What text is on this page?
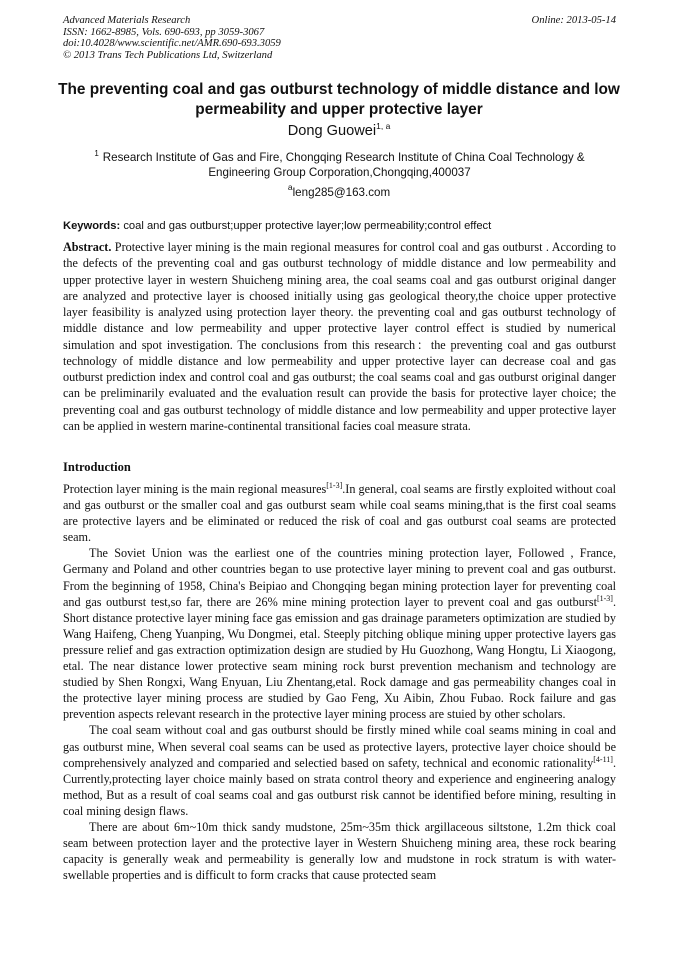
Advanced Materials Research
ISSN: 1662-8985, Vols. 690-693, pp 3059-3067
doi:10.4028/www.scientific.net/AMR.690-693.3059
© 2013 Trans Tech Publications Ltd, Switzerland
Online: 2013-05-14
The preventing coal and gas outburst technology of middle distance and low permeability and upper protective layer
Dong Guowei$^{1, a}$
$^1$ Research Institute of Gas and Fire, Chongqing Research Institute of China Coal Technology & Engineering Group Corporation,Chongqing,400037
$^a$leng285@163.com
Keywords: coal and gas outburst;upper protective layer;low permeability;control effect
Abstract. Protective layer mining is the main regional measures for control coal and gas outburst . According to the defects of the preventing coal and gas outburst technology of middle distance and low permeability and upper protective layer in western Shuicheng mining area, the coal seams coal and gas outburst original danger are analyzed and protective layer is choosed initially using gas geological theory,the choice upper protective layer feasibility is analyzed using protection layer theory. the preventing coal and gas outburst technology of middle distance and low permeability and upper protective layer control effect is studied by numerical simulation and spot investigation. The conclusions from this research：the preventing coal and gas outburst technology of middle distance and low permeability and upper protective layer can decrease coal and gas outburst prediction index and control coal and gas outburst; the coal seams coal and gas outburst original danger can be preliminarily evaluated and the evaluation result can provide the basis for protective layer choice; the preventing coal and gas outburst technology of middle distance and low permeability and upper protective layer can be applied in western marine-continental transitional facies coal measure strata.
Introduction

Protection layer mining is the main regional measures[1-3].In general, coal seams are firstly exploited without coal and gas outburst or the smaller coal and gas outburst seam while coal seams mining,that is the first coal seams are protective layers and be eliminated or reduced the risk of coal and gas outburst coal seams are protected seam.

The Soviet Union was the earliest one of the countries mining protection layer, Followed , France, Germany and Poland and other countries began to use protective layer mining to prevent coal and gas outburst. From the beginning of 1958, China's Beipiao and Chongqing began mining protection layer for preventing coal and gas outburst test,so far, there are 26% mine mining protection layer to prevent coal and gas outburst[1-3]. Short distance protective layer mining face gas emission and gas drainage parameters optimization are studied by Wang Haifeng, Cheng Yuanping, Wu Dongmei, etal. Steeply pitching oblique mining upper protective layers gas pressure relief and gas extraction optimization design are studied by Hu Guozhong, Wang Hongtu, Li Xiaogong, etal. The near distance lower protective seam mining rock burst prevention mechanism and technology are studied by Shen Rongxi, Wang Enyuan, Liu Zhentang,etal. Rock damage and gas permeability changes coal in the protective layer mining process are studied by Gao Feng, Xu Aibin, Zhou Fubao. Rock failure and gas prevention aspects relevant research in the protective layer mining process are stuied by other scholars.

The coal seam without coal and gas outburst should be firstly mined while coal seams mining in coal and gas outburst mine, When several coal seams can be used as protective layers, protective layer choice should be comprehensively analyzed and comparied and selectied based on safety, technical and economic rationality[4-11]. Currently,protecting layer choice mainly based on strata control theory and experience and engineering analogy method, But as a result of coal seams coal and gas outburst risk cannot be identified before mining, resulting in coal mining design flaws.

There are about 6m~10m thick sandy mudstone, 25m~35m thick argillaceous siltstone, 1.2m thick coal seam between protection layer and the protective layer in Western Shuicheng mining area, these rock bearing capacity is generally weak and permeability is generally low and mudstone in rock stratum is with water-swellable properties and is difficult to form cracks that cause protected seam
